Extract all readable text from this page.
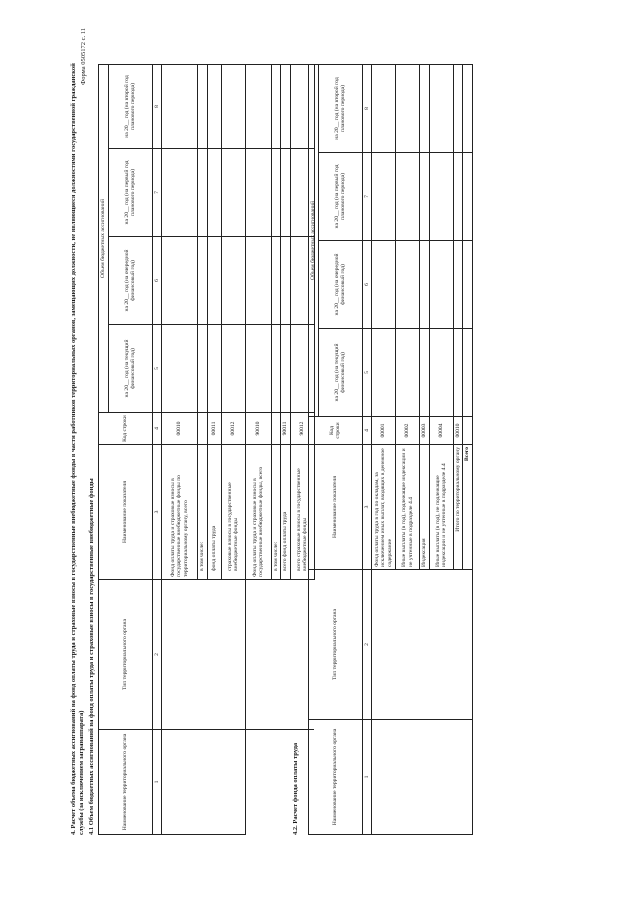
Форма 0505172 с. 11
4. Расчет объема бюджетных ассигнований на фонд оплаты труда и страховые взносы в государственные внебюджетные фонды в части работников территориальных органов, замещающих должности, не являющиеся должностями государственной гражданской службы (за исключением загранаппарата) 4.1 Объем бюджетных ассигнований на фонд оплаты труда и страховые взносы в государственные внебюджетные фонды	Наименование территориального органа	Тип территориального органа	Наименование показателя	Код строки	Объем бюджетных ассигнований			
				на 20__ год (на текущий финансовый год)	на 20__ год (на очередной финансовый год)	на 20__ год (на первый год планового периода)	на 20__ год (на второй год планового периода)
1	2	3	4	5	6	7	8
		Фонд оплаты труда и страховые взносы в государственные внебюджетные фонды по территориальному органу, всего	00010				
		в том числе:					
		фонд оплаты труда	00011				
		страховые взносы в государственные внебюджетные фонды	00012				
		Фонд оплаты труда и страховые взносы в государственные внебюджетные фонды, всего	90010				
		в том числе:					
		всего фонд оплаты труда	90011				
		всего страховые взносы в государственные внебюджетные фонды	90012				
4.2. Расчет фонда оплаты труда	Наименование территориального органа	Тип территориального органа	Наименование показателя	Код строки	Объем бюджетных ассигнований			
				на 20__ год (на текущий финансовый год)	на 20__ год (на очередной финансовый год)	на 20__ год (на первый год планового периода)	на 20__ год (на второй год планового периода)
1	2	3	4	5	6	7	8
		Фонд оплаты труда в год по окладам, за исключением иных выплат, входящих в денежное содержание	00001				
		Иные выплаты (в год), подлежащие индексации и не учтенные в подразделе 4.4	00002				
		Индексация	00003				
		Иные выплаты (в год), не подлежащие индексации и не учтенные в подразделе 4.4	00004				
		Итого по территориальному органу	00010				
		Всего					
